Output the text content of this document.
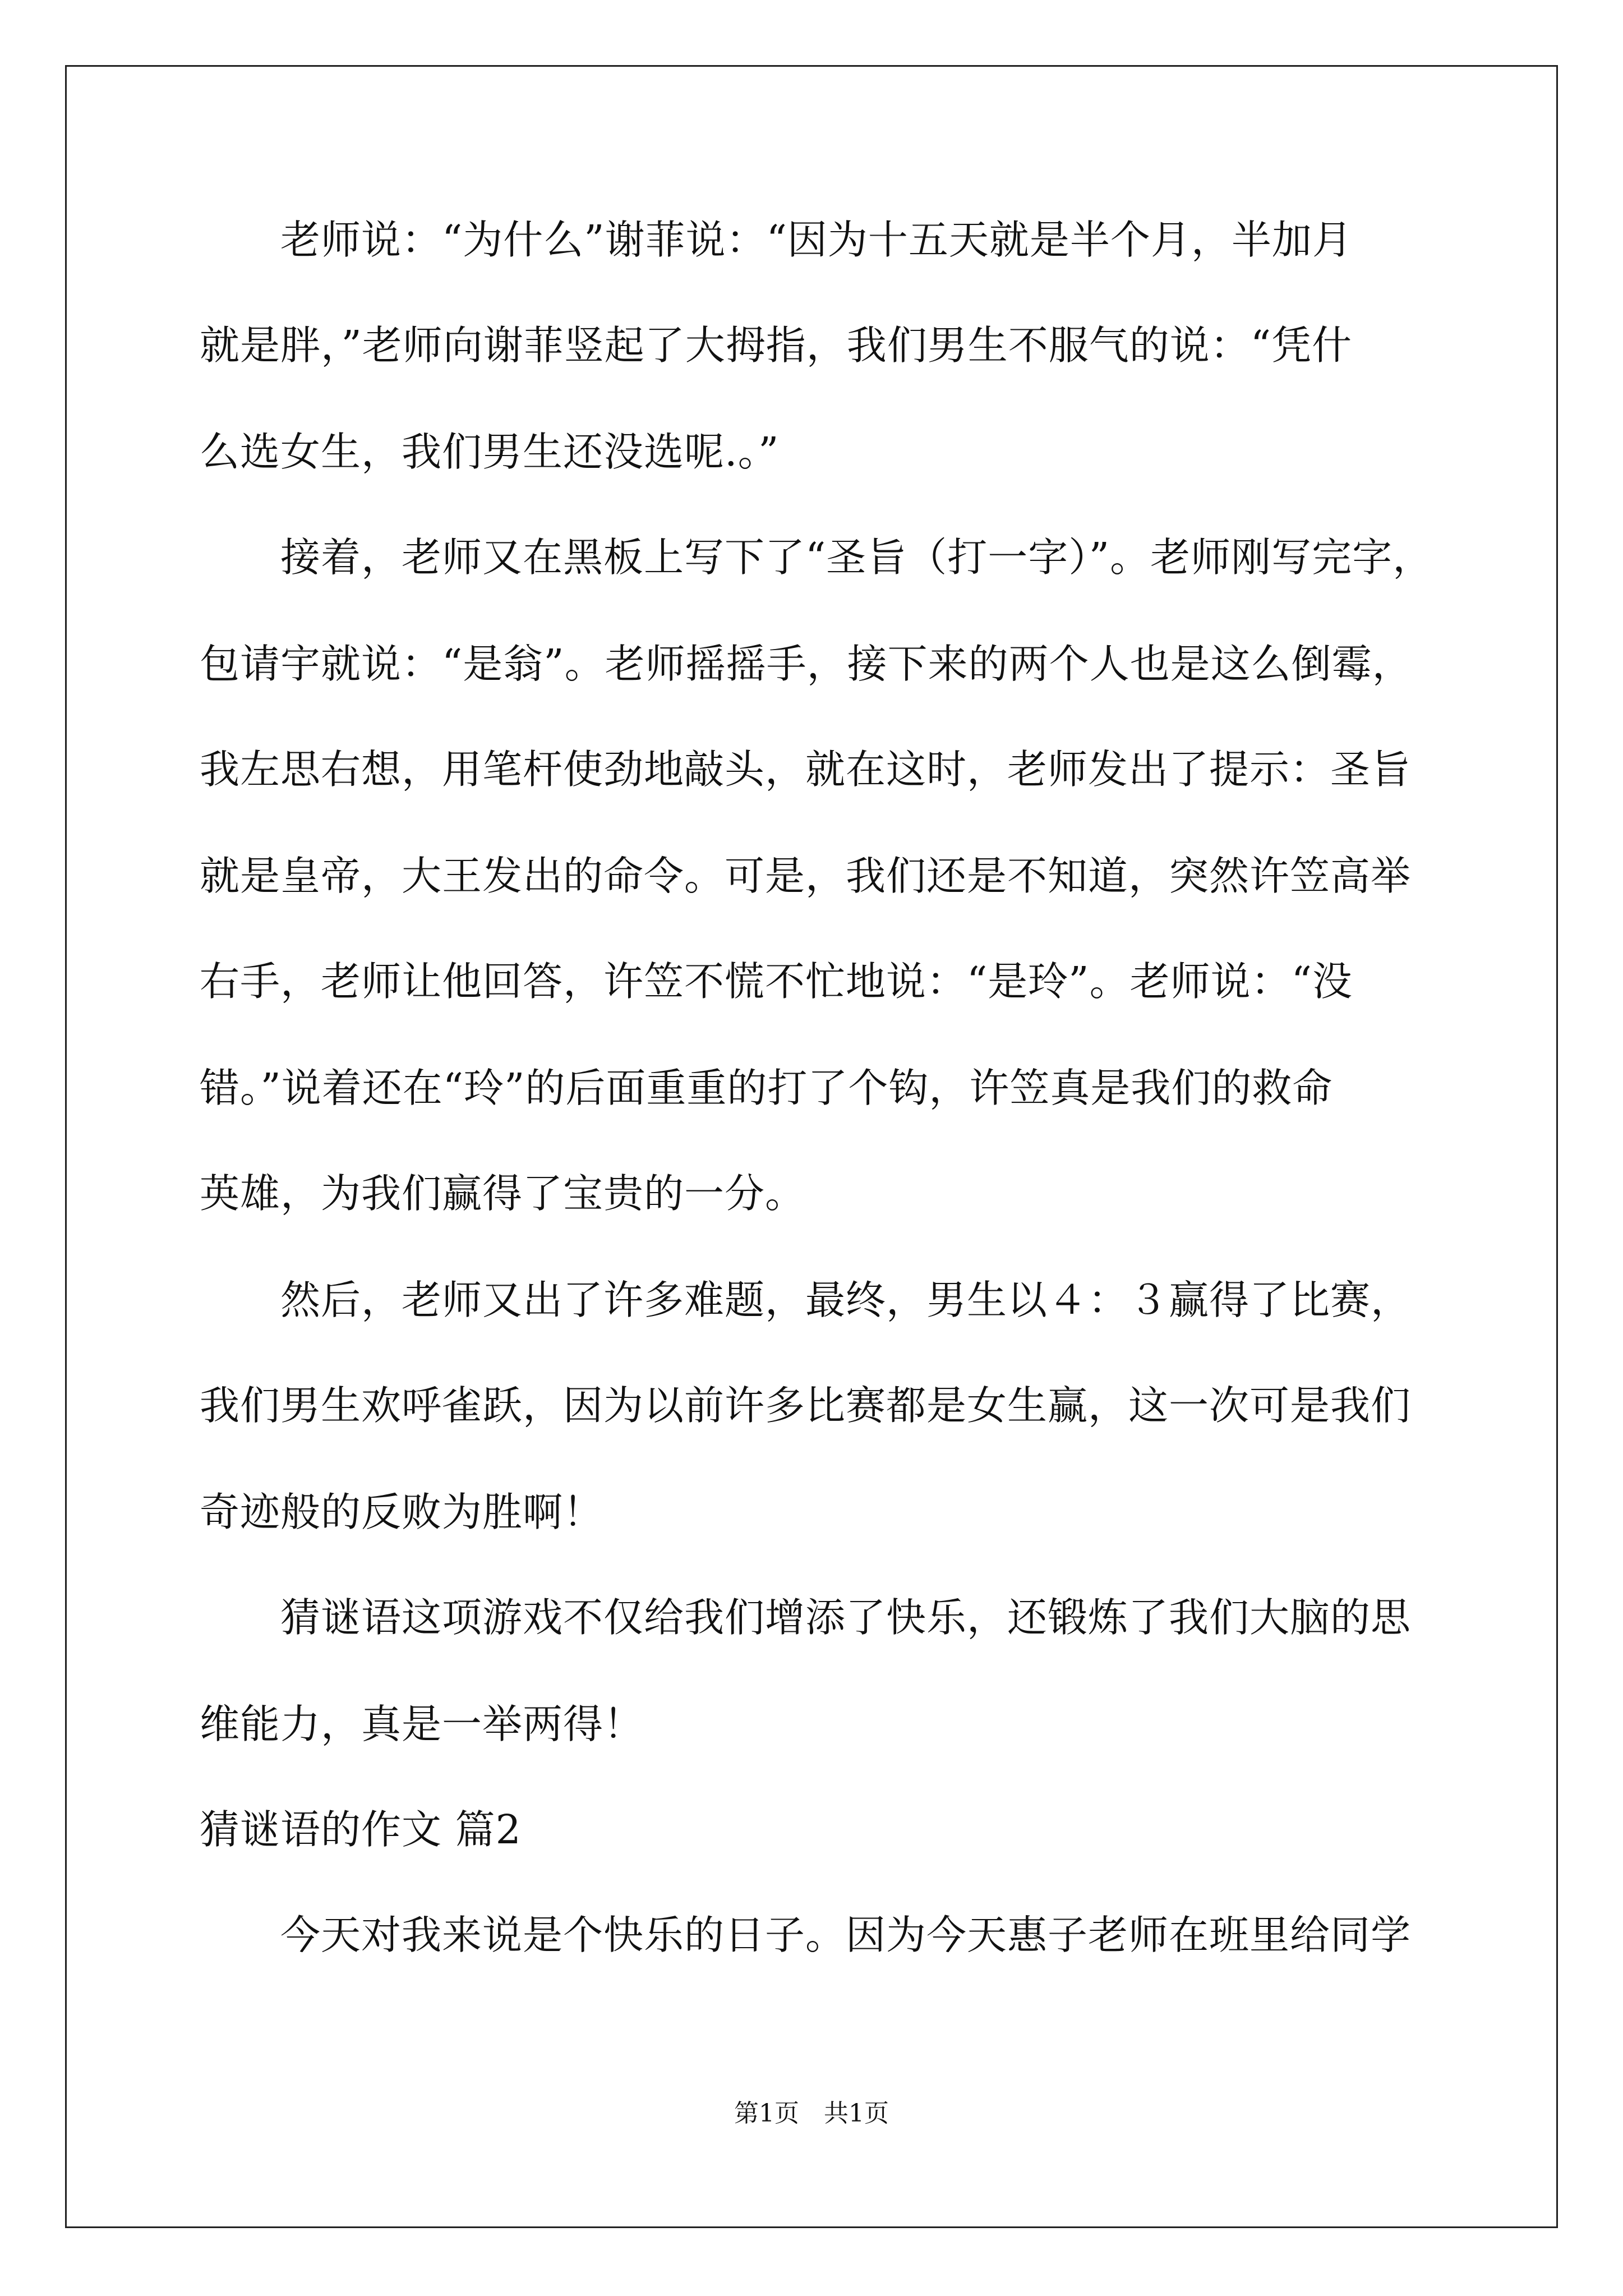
　　老师说：“为什么”谢菲说：“因为十五天就是半个月，半加月
就是胖，”老师向谢菲竖起了大拇指，我们男生不服气的说：“凭什
么选女生，我们男生还没选呢.。”
　　接着，老师又在黑板上写下了“圣旨（打一字）”。老师刚写完字，
包请宇就说：“是翁”。老师摇摇手，接下来的两个人也是这么倒霉，
我左思右想，用笔杆使劲地敲头，就在这时，老师发出了提示：圣旨
就是皇帝，大王发出的命令。可是，我们还是不知道，突然许笠高举
右手，老师让他回答，许笠不慌不忙地说：“是玲”。老师说：“没
错。”说着还在“玲”的后面重重的打了个钩，许笠真是我们的救命
英雄，为我们赢得了宝贵的一分。
　　然后，老师又出了许多难题，最终，男生以４：３赢得了比赛，
我们男生欢呼雀跃，因为以前许多比赛都是女生赢，这一次可是我们
奇迹般的反败为胜啊！
　　猜谜语这项游戏不仅给我们增添了快乐，还锻炼了我们大脑的思
维能力，真是一举两得！
猜谜语的作文 篇2
　　今天对我来说是个快乐的日子。因为今天惠子老师在班里给同学
第1页　共1页
